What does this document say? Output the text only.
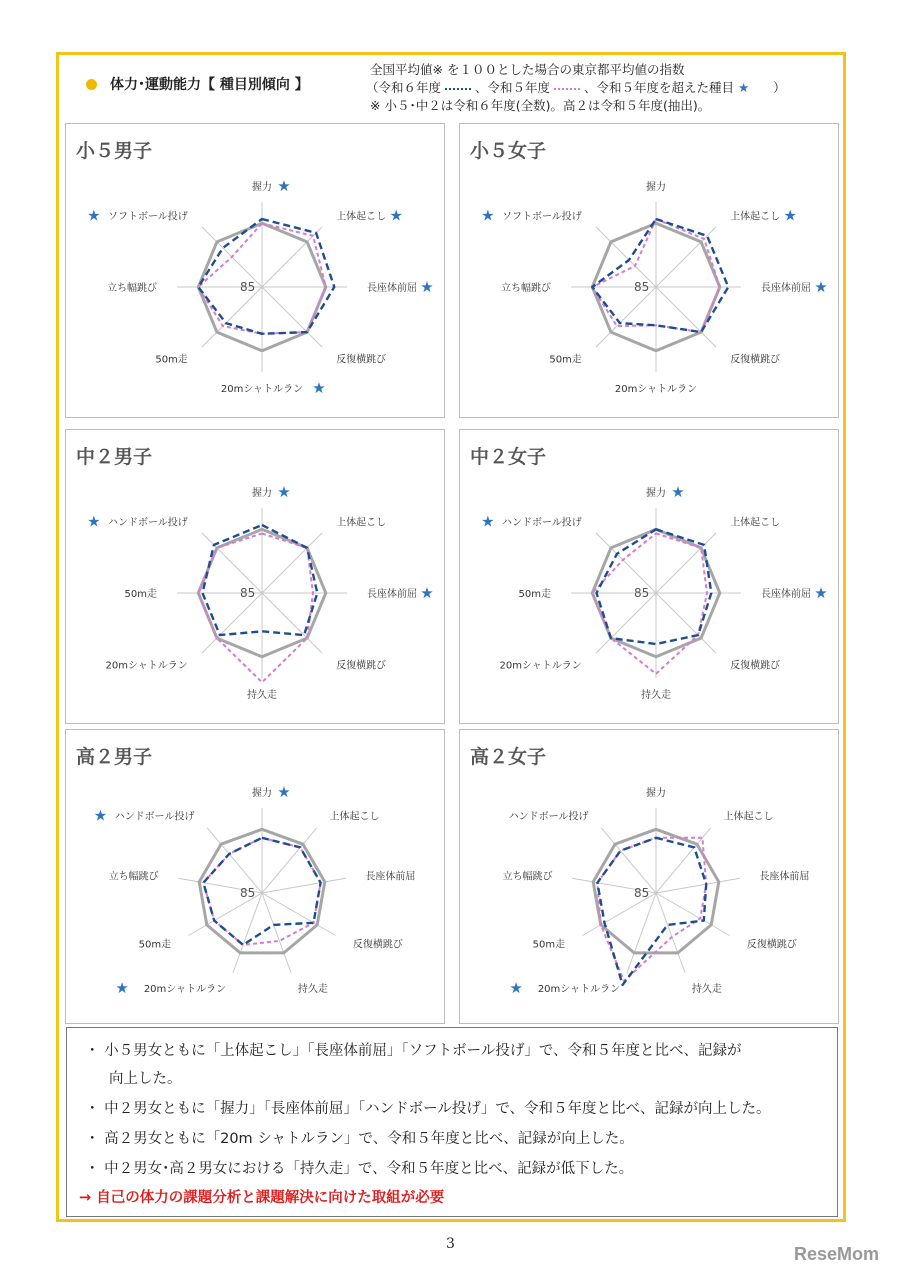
体力･運動能力【 種目別傾向 】
全国平均値※ を１００とした場合の東京都平均値の指数
（令和６年度	、令和５年度	、令和５年度を超えた種目 ★ ）
※ 小５･中２は令和６年度(全数)。高２は令和５年度(抽出)。
小５男子
85
握力 ★
上体起こし ★
長座体前屈 ★
反復横跳び
20mシャトルラン ★
50m走
立ち幅跳び
ソフトボール投げ
★
小５女子
85
握力
上体起こし ★
長座体前屈 ★
反復横跳び
20mシャトルラン
50m走
立ち幅跳び
ソフトボール投げ
★
中２男子
85
握力 ★
上体起こし
長座体前屈 ★
反復横跳び
持久走
20mシャトルラン
50m走
ハンドボール投げ
★
中２女子
85
握力 ★
上体起こし
長座体前屈 ★
反復横跳び
持久走
20mシャトルラン
50m走
ハンドボール投げ
★
高２男子
85
握力 ★
上体起こし
長座体前屈
反復横跳び
持久走
20mシャトルラン
★
50m走
立ち幅跳び
ハンドボール投げ
★
高２女子
85
握力
上体起こし
長座体前屈
反復横跳び
持久走
20mシャトルラン
★
50m走
立ち幅跳び
ハンドボール投げ
・ 小５男女ともに「上体起こし」「長座体前屈」「ソフトボール投げ」で、令和５年度と比べ、記録が
向上した。
・ 中２男女ともに「握力」「長座体前屈」「ハンドボール投げ」で、令和５年度と比べ、記録が向上した。
・ 高２男女ともに「20m シャトルラン」で、令和５年度と比べ、記録が向上した。
・ 中２男女･高２男女における「持久走」で、令和５年度と比べ、記録が低下した。
→ 自己の体力の課題分析と課題解決に向けた取組が必要
3	ReseMom
